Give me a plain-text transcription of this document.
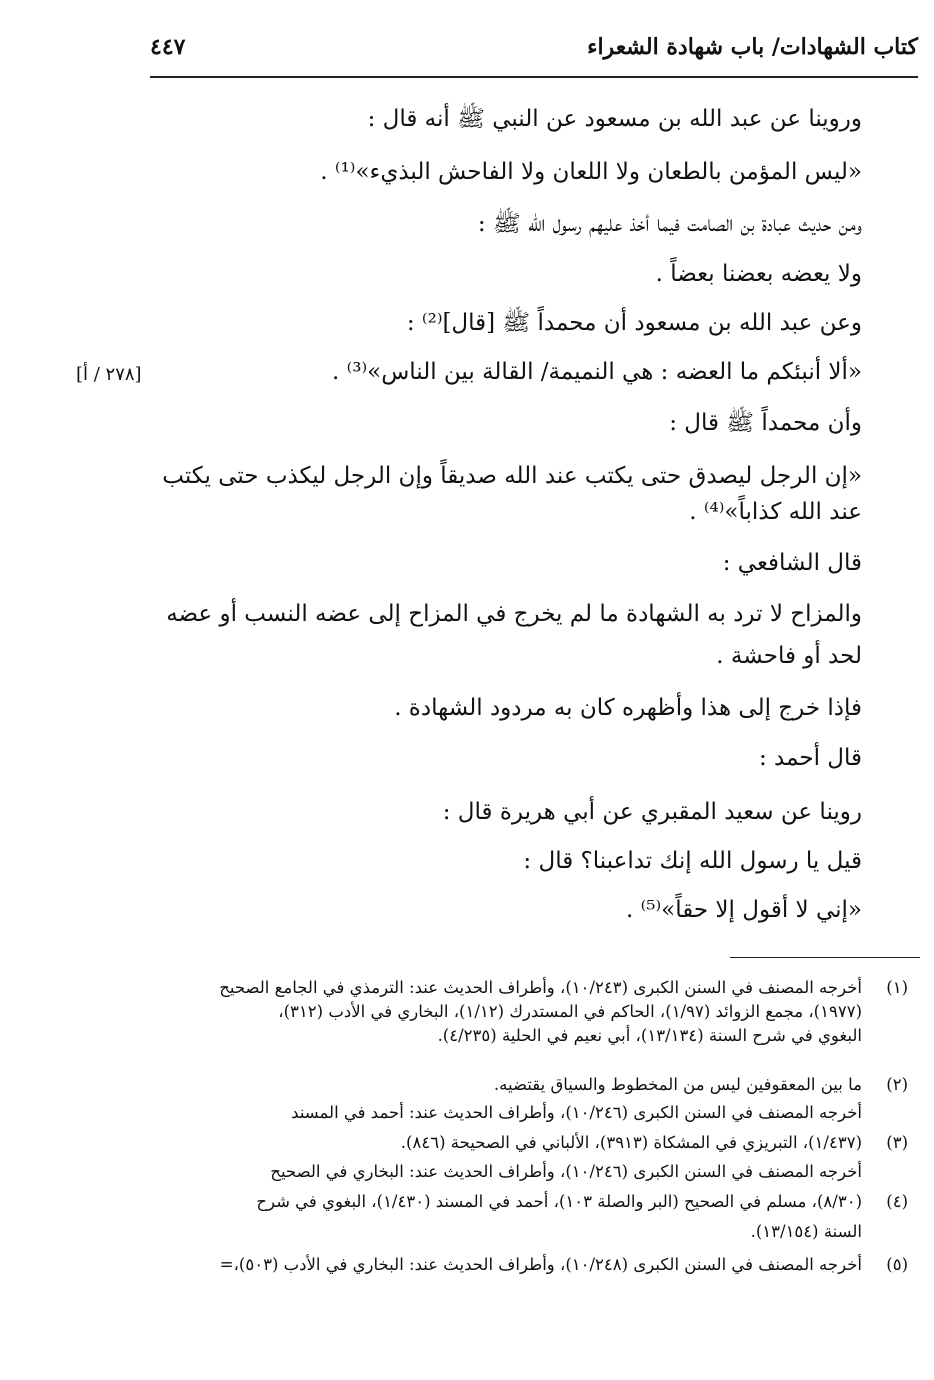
كتاب الشهادات/ باب شهادة الشعراء
٤٤٧
وروينا عن عبد الله بن مسعود عن النبي ﷺ أنه قال :
«ليس المؤمن بالطعان ولا اللعان ولا الفاحش البذيء»⁽¹⁾ .
ومن حديث عبادة بن الصامت فيما أخذ عليهم رسول الله ﷺ :
ولا يعضه بعضنا بعضاً .
وعن عبد الله بن مسعود أن محمداً ﷺ [قال]⁽²⁾ :
«ألا أنبئكم ما العضه : هي النميمة/ القالة بين الناس»⁽³⁾ .
[٢٧٨ / أ]
وأن محمداً ﷺ قال :
«إن الرجل ليصدق حتى يكتب عند الله صديقاً وإن الرجل ليكذب حتى يكتب
عند الله كذاباً»⁽⁴⁾ .
قال الشافعي :
والمزاح لا ترد به الشهادة ما لم يخرج في المزاح إلى عضه النسب أو عضه
لحد أو فاحشة .
فإذا خرج إلى هذا وأظهره كان به مردود الشهادة .
قال أحمد :
روينا عن سعيد المقبري عن أبي هريرة قال :
قيل يا رسول الله إنك تداعبنا؟ قال :
«إني لا أقول إلا حقاً»⁽⁵⁾ .
(١)
أخرجه المصنف في السنن الكبرى (١٠/٢٤٣)، وأطراف الحديث عند: الترمذي في الجامع الصحيح
(١٩٧٧)، مجمع الزوائد (١/٩٧)، الحاكم في المستدرك (١/١٢)، البخاري في الأدب (٣١٢)،
البغوي في شرح السنة (١٣/١٣٤)، أبي نعيم في الحلية (٤/٢٣٥).
(٢)
ما بين المعقوفين ليس من المخطوط والسياق يقتضيه.
أخرجه المصنف في السنن الكبرى (١٠/٢٤٦)، وأطراف الحديث عند: أحمد في المسند
(٣)
(١/٤٣٧)، التبريزي في المشكاة (٣٩١٣)، الألباني في الصحيحة (٨٤٦).
أخرجه المصنف في السنن الكبرى (١٠/٢٤٦)، وأطراف الحديث عند: البخاري في الصحيح
(٤)
(٨/٣٠)، مسلم في الصحيح (البر والصلة ١٠٣)، أحمد في المسند (١/٤٣٠)، البغوي في شرح
السنة (١٣/١٥٤).
(٥)
أخرجه المصنف في السنن الكبرى (١٠/٢٤٨)، وأطراف الحديث عند: البخاري في الأدب (٥٠٣)،=
